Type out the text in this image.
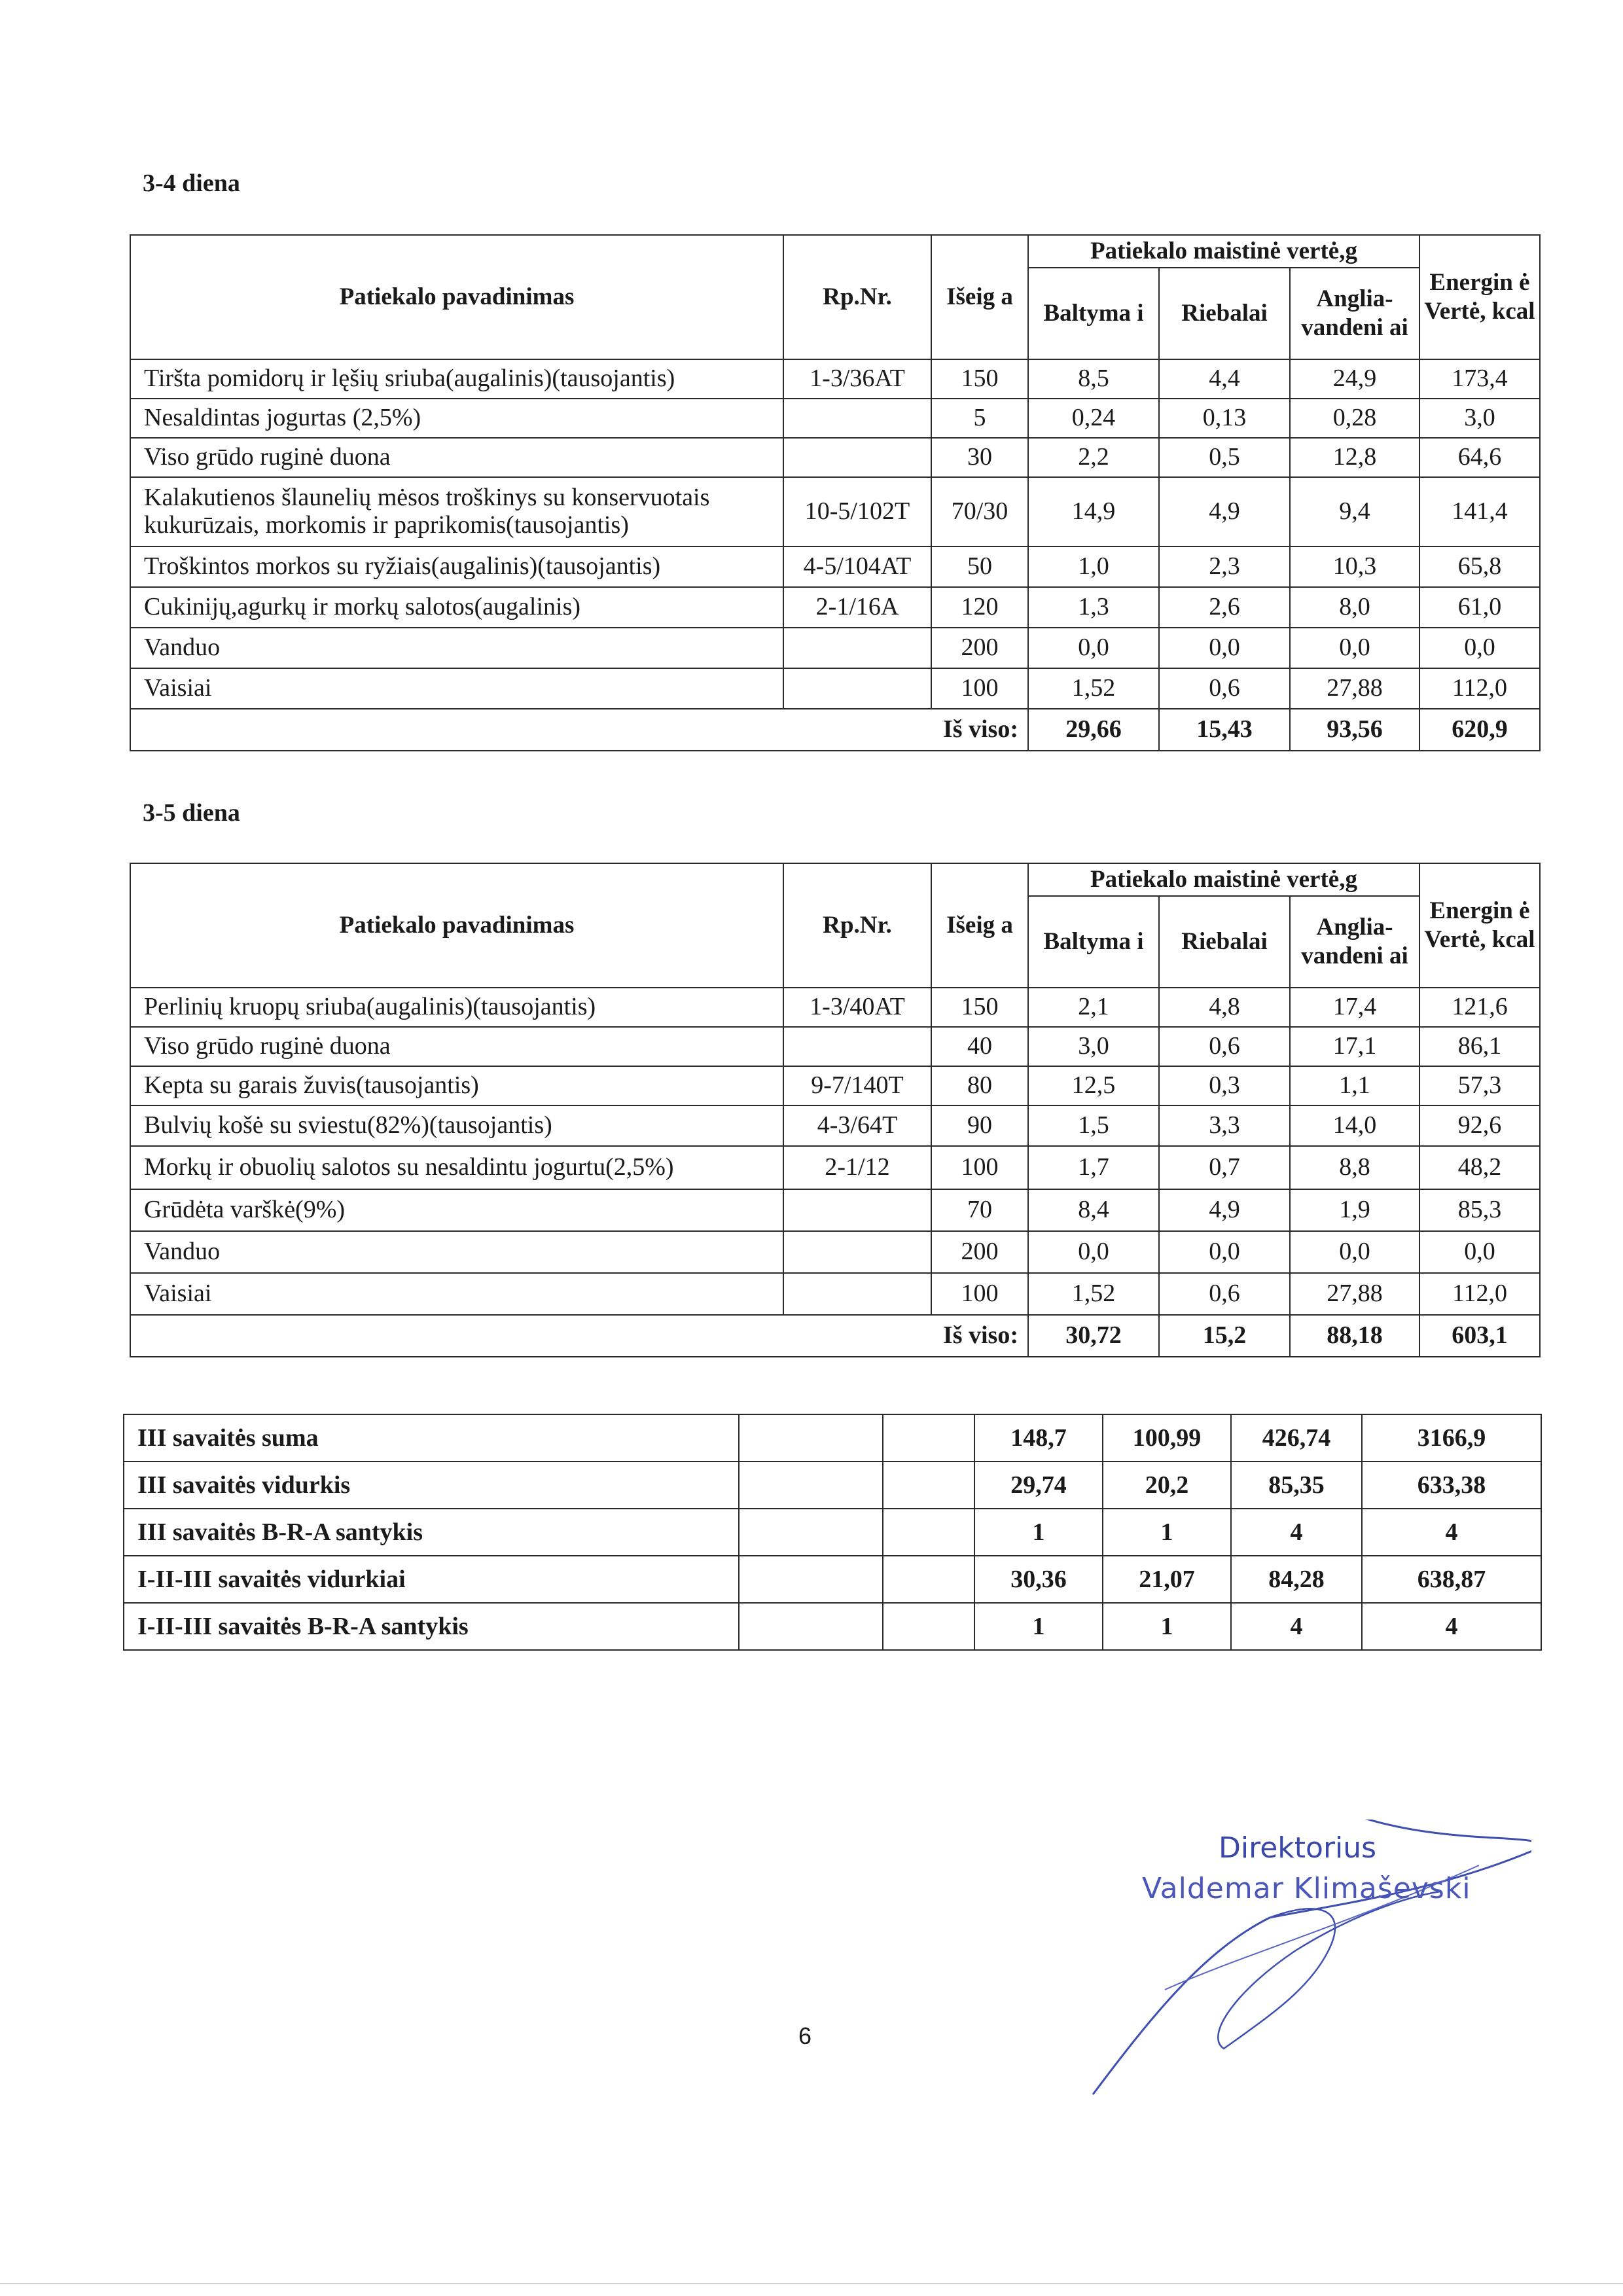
3-4 diena
Patiekalo pavadinimas	Rp.Nr.	Išeig a	Patiekalo maistinė vertė,g			Energin ė Vertė, kcal
			Baltyma i	Riebalai	Anglia- vandeni ai	
Tiršta pomidorų ir lęšių sriuba(augalinis)(tausojantis)	1-3/36AT	150	8,5	4,4	24,9	173,4
Nesaldintas jogurtas (2,5%)		5	0,24	0,13	0,28	3,0
Viso grūdo ruginė duona		30	2,2	0,5	12,8	64,6
Kalakutienos šlaunelių mėsos troškinys su konservuotais kukurūzais, morkomis ir paprikomis(tausojantis)	10-5/102T	70/30	14,9	4,9	9,4	141,4
Troškintos morkos su ryžiais(augalinis)(tausojantis)	4-5/104AT	50	1,0	2,3	10,3	65,8
Cukinijų,agurkų ir morkų salotos(augalinis)	2-1/16A	120	1,3	2,6	8,0	61,0
Vanduo		200	0,0	0,0	0,0	0,0
Vaisiai		100	1,52	0,6	27,88	112,0
		Iš viso:	29,66	15,43	93,56	620,9
3-5 diena
Patiekalo pavadinimas	Rp.Nr.	Išeig a	Patiekalo maistinė vertė,g			Energin ė Vertė, kcal
			Baltyma i	Riebalai	Anglia- vandeni ai	
Perlinių kruopų sriuba(augalinis)(tausojantis)	1-3/40AT	150	2,1	4,8	17,4	121,6
Viso grūdo ruginė duona		40	3,0	0,6	17,1	86,1
Kepta su garais žuvis(tausojantis)	9-7/140T	80	12,5	0,3	1,1	57,3
Bulvių košė su sviestu(82%)(tausojantis)	4-3/64T	90	1,5	3,3	14,0	92,6
Morkų ir obuolių salotos su nesaldintu jogurtu(2,5%)	2-1/12	100	1,7	0,7	8,8	48,2
Grūdėta varškė(9%)		70	8,4	4,9	1,9	85,3
Vanduo		200	0,0	0,0	0,0	0,0
Vaisiai		100	1,52	0,6	27,88	112,0
		Iš viso:	30,72	15,2	88,18	603,1
III savaitės suma			148,7	100,99	426,74	3166,9
III savaitės vidurkis			29,74	20,2	85,35	633,38
III savaitės B-R-A santykis			1	1	4	4
I-II-III savaitės vidurkiai			30,36	21,07	84,28	638,87
I-II-III savaitės B-R-A santykis			1	1	4	4
6
Direktorius
Valdemar Klimaševski
